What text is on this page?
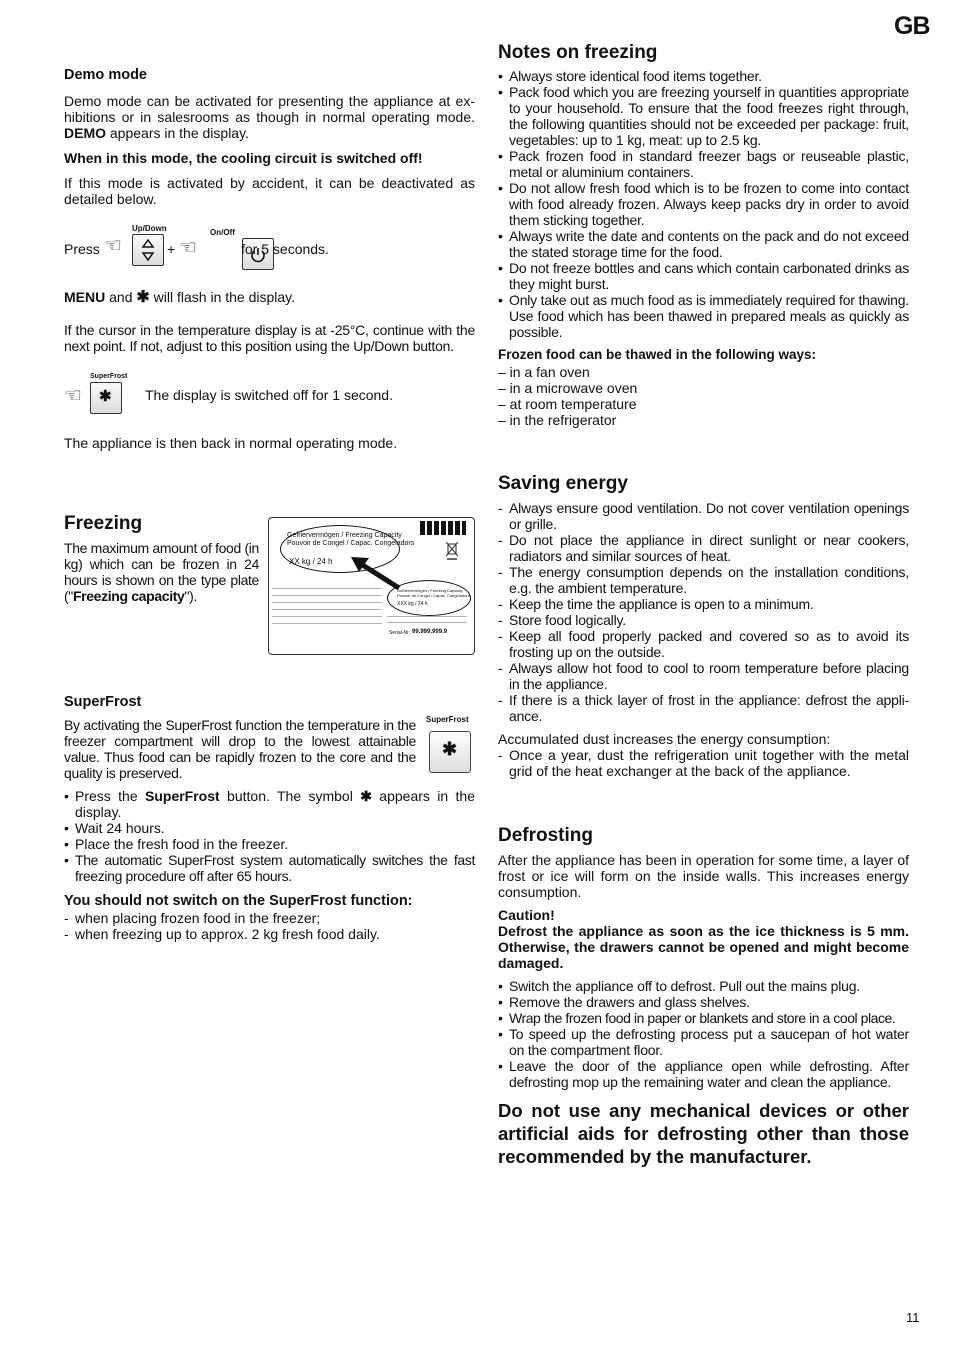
GB
Demo mode

Demo mode can be activated for presenting the appliance at ex-hibitions or in salesrooms as though in normal operating mode. DEMO appears in the display.

When in this mode, the cooling circuit is switched off!

If this mode is activated by accident, it can be deactivated as detailed below.

Press
Up/Down
☜
	+
On/Off
☜	for 5 seconds.
MENU and ✱ will flash in the display.

If the cursor in the temperature display is at -25°C, continue with the next point. If not, adjust to this position using the Up/Down button.

SuperFrost
☜ ✱ The display is switched off for 1 second.

The appliance is then back in normal operating mode.

Freezing

The maximum amount of food (in kg) which can be frozen in 24 hours is shown on the type plate ("Freezing capacity").

Gefriervermögen / Freezing Capacity
Pouvoir de Congel / Capac. Congeladors
XX kg / 24 h
Gefriervermögen / Freezing Capacity
Pouvoir de Congel / Capac. Congeladors
XXX kg / 24 h
Serial-Nr. 99.999.999.9
SuperFrost

By activating the SuperFrost function the temperature in the freezer compartment will drop to the lowest attainable value. Thus food can be rapidly frozen to the core and the quality is preserved.

SuperFrost
✱
• Press the SuperFrost button. The symbol ✱ appears in the display.
• Wait 24 hours.
• Place the fresh food in the freezer.
• The automatic SuperFrost system automatically switches the fast freezing procedure off after 65 hours.
You should not switch on the SuperFrost function:
- when placing frozen food in the freezer;
- when freezing up to approx. 2 kg fresh food daily.
Notes on freezing
• Always store identical food items together.
• Pack food which you are freezing yourself in quantities appropriate to your household. To ensure that the food freezes right through, the following quantities should not be exceeded per package: fruit, vegetables: up to 1 kg, meat: up to 2.5 kg.
• Pack frozen food in standard freezer bags or reuseable plastic, metal or aluminium containers.
• Do not allow fresh food which is to be frozen to come into contact with food already frozen. Always keep packs dry in order to avoid them sticking together.
• Always write the date and contents on the pack and do not exceed the stated storage time for the food.
• Do not freeze bottles and cans which contain carbonated drinks as they might burst.
• Only take out as much food as is immediately required for thawing. Use food which has been thawed in prepared meals as quickly as possible.

Frozen food can be thawed in the following ways:

– in a fan oven
– in a microwave oven
– at room temperature
– in the refrigerator
Saving energy
- Always ensure good ventilation. Do not cover ventilation openings or grille.
- Do not place the appliance in direct sunlight or near cookers, radiators and similar sources of heat.
- The energy consumption depends on the installation conditions, e.g. the ambient temperature.
- Keep the time the appliance is open to a minimum.
- Store food logically.
- Keep all food properly packed and covered so as to avoid its frosting up on the outside.
- Always allow hot food to cool to room temperature before placing in the appliance.
- If there is a thick layer of frost in the appliance: defrost the appli-ance.

Accumulated dust increases the energy consumption:

- Once a year, dust the refrigeration unit together with the metal grid of the heat exchanger at the back of the appliance.
Defrosting

After the appliance has been in operation for some time, a layer of frost or ice will form on the inside walls. This increases energy consumption.

Caution!

Defrost the appliance as soon as the ice thickness is 5 mm. Otherwise, the drawers cannot be opened and might become damaged.

• Switch the appliance off to defrost. Pull out the mains plug.
• Remove the drawers and glass shelves.
• Wrap the frozen food in paper or blankets and store in a cool place.
• To speed up the defrosting process put a saucepan of hot water on the compartment floor.
• Leave the door of the appliance open while defrosting. After defrosting mop up the remaining water and clean the appliance.

Do not use any mechanical devices or other artificial aids for defrosting other than those recommended by the manufacturer.

11
